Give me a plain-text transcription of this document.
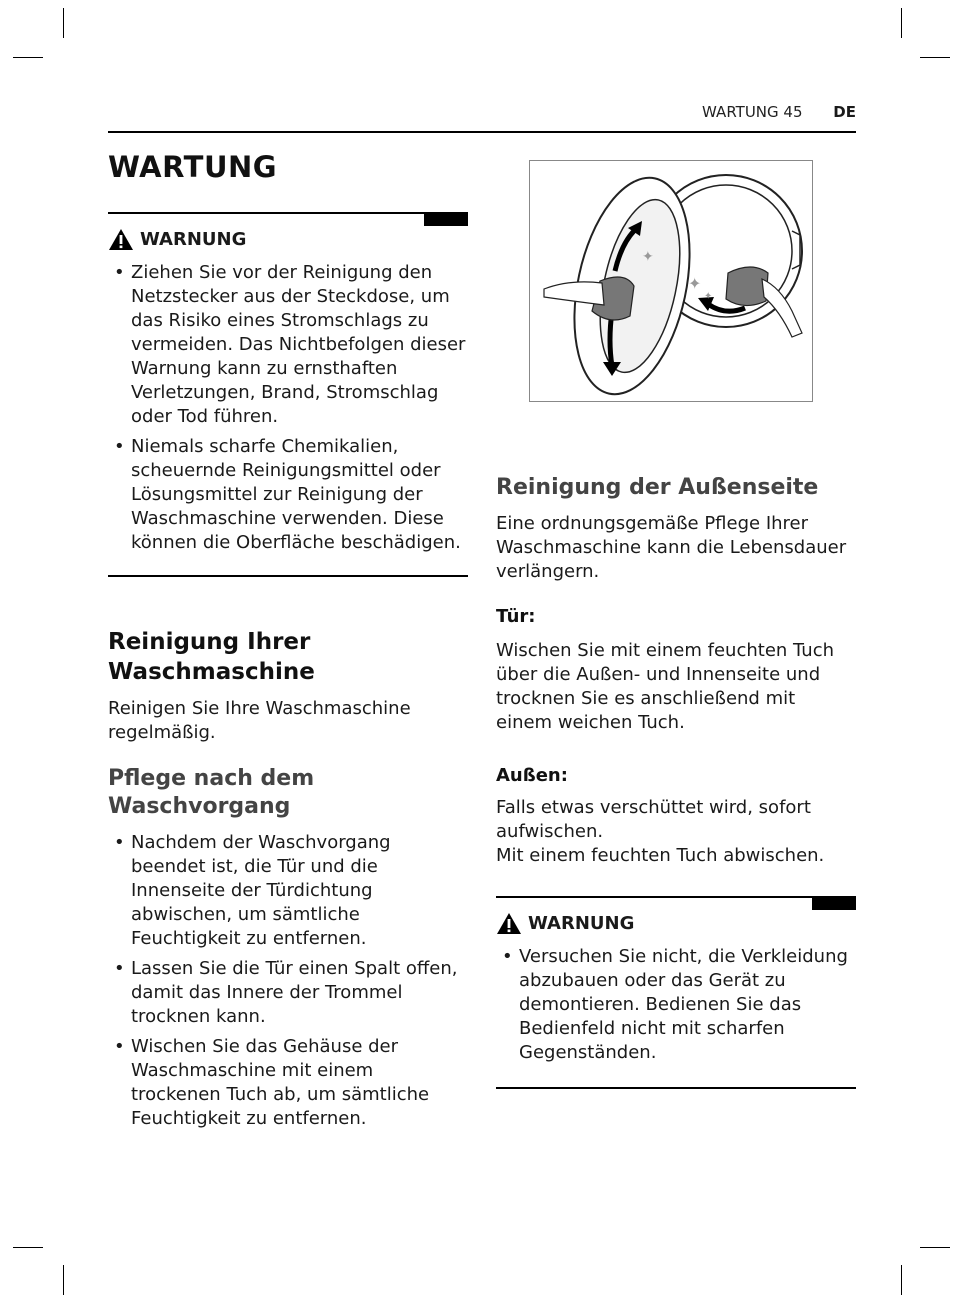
WARTUNG 45 DE
WARTUNG
WARNUNG
• Ziehen Sie vor der Reinigung den Netzstecker aus der Steckdose, um das Risiko eines Stromschlags zu vermeiden. Das Nichtbefolgen dieser Warnung kann zu ernsthaften Verletzungen, Brand, Stromschlag oder Tod führen.
• Niemals scharfe Chemikalien, scheuernde Reinigungsmittel oder Lösungsmittel zur Reinigung der Waschmaschine verwenden. Diese können die Oberfläche beschädigen.
Reinigung Ihrer Waschmaschine

Reinigen Sie Ihre Waschmaschine regelmäßig.

Pflege nach dem Waschvorgang
• Nachdem der Waschvorgang beendet ist, die Tür und die Innenseite der Türdichtung abwischen, um sämtliche Feuchtigkeit zu entfernen.
• Lassen Sie die Tür einen Spalt offen, damit das Innere der Trommel trocknen kann.
• Wischen Sie das Gehäuse der Waschmaschine mit einem trockenen Tuch ab, um sämtliche Feuchtigkeit zu entfernen.
✦
✦
✦
Reinigung der Außenseite

Eine ordnungsgemäße Pflege Ihrer Waschmaschine kann die Lebensdauer verlängern.

Tür:

Wischen Sie mit einem feuchten Tuch über die Außen- und Innenseite und trocknen Sie es anschließend mit einem weichen Tuch.

Außen:

Falls etwas verschüttet wird, sofort aufwischen.

Mit einem feuchten Tuch abwischen.

WARNUNG
• Versuchen Sie nicht, die Verkleidung abzubauen oder das Gerät zu demontieren. Bedienen Sie das Bedienfeld nicht mit scharfen Gegenständen.
